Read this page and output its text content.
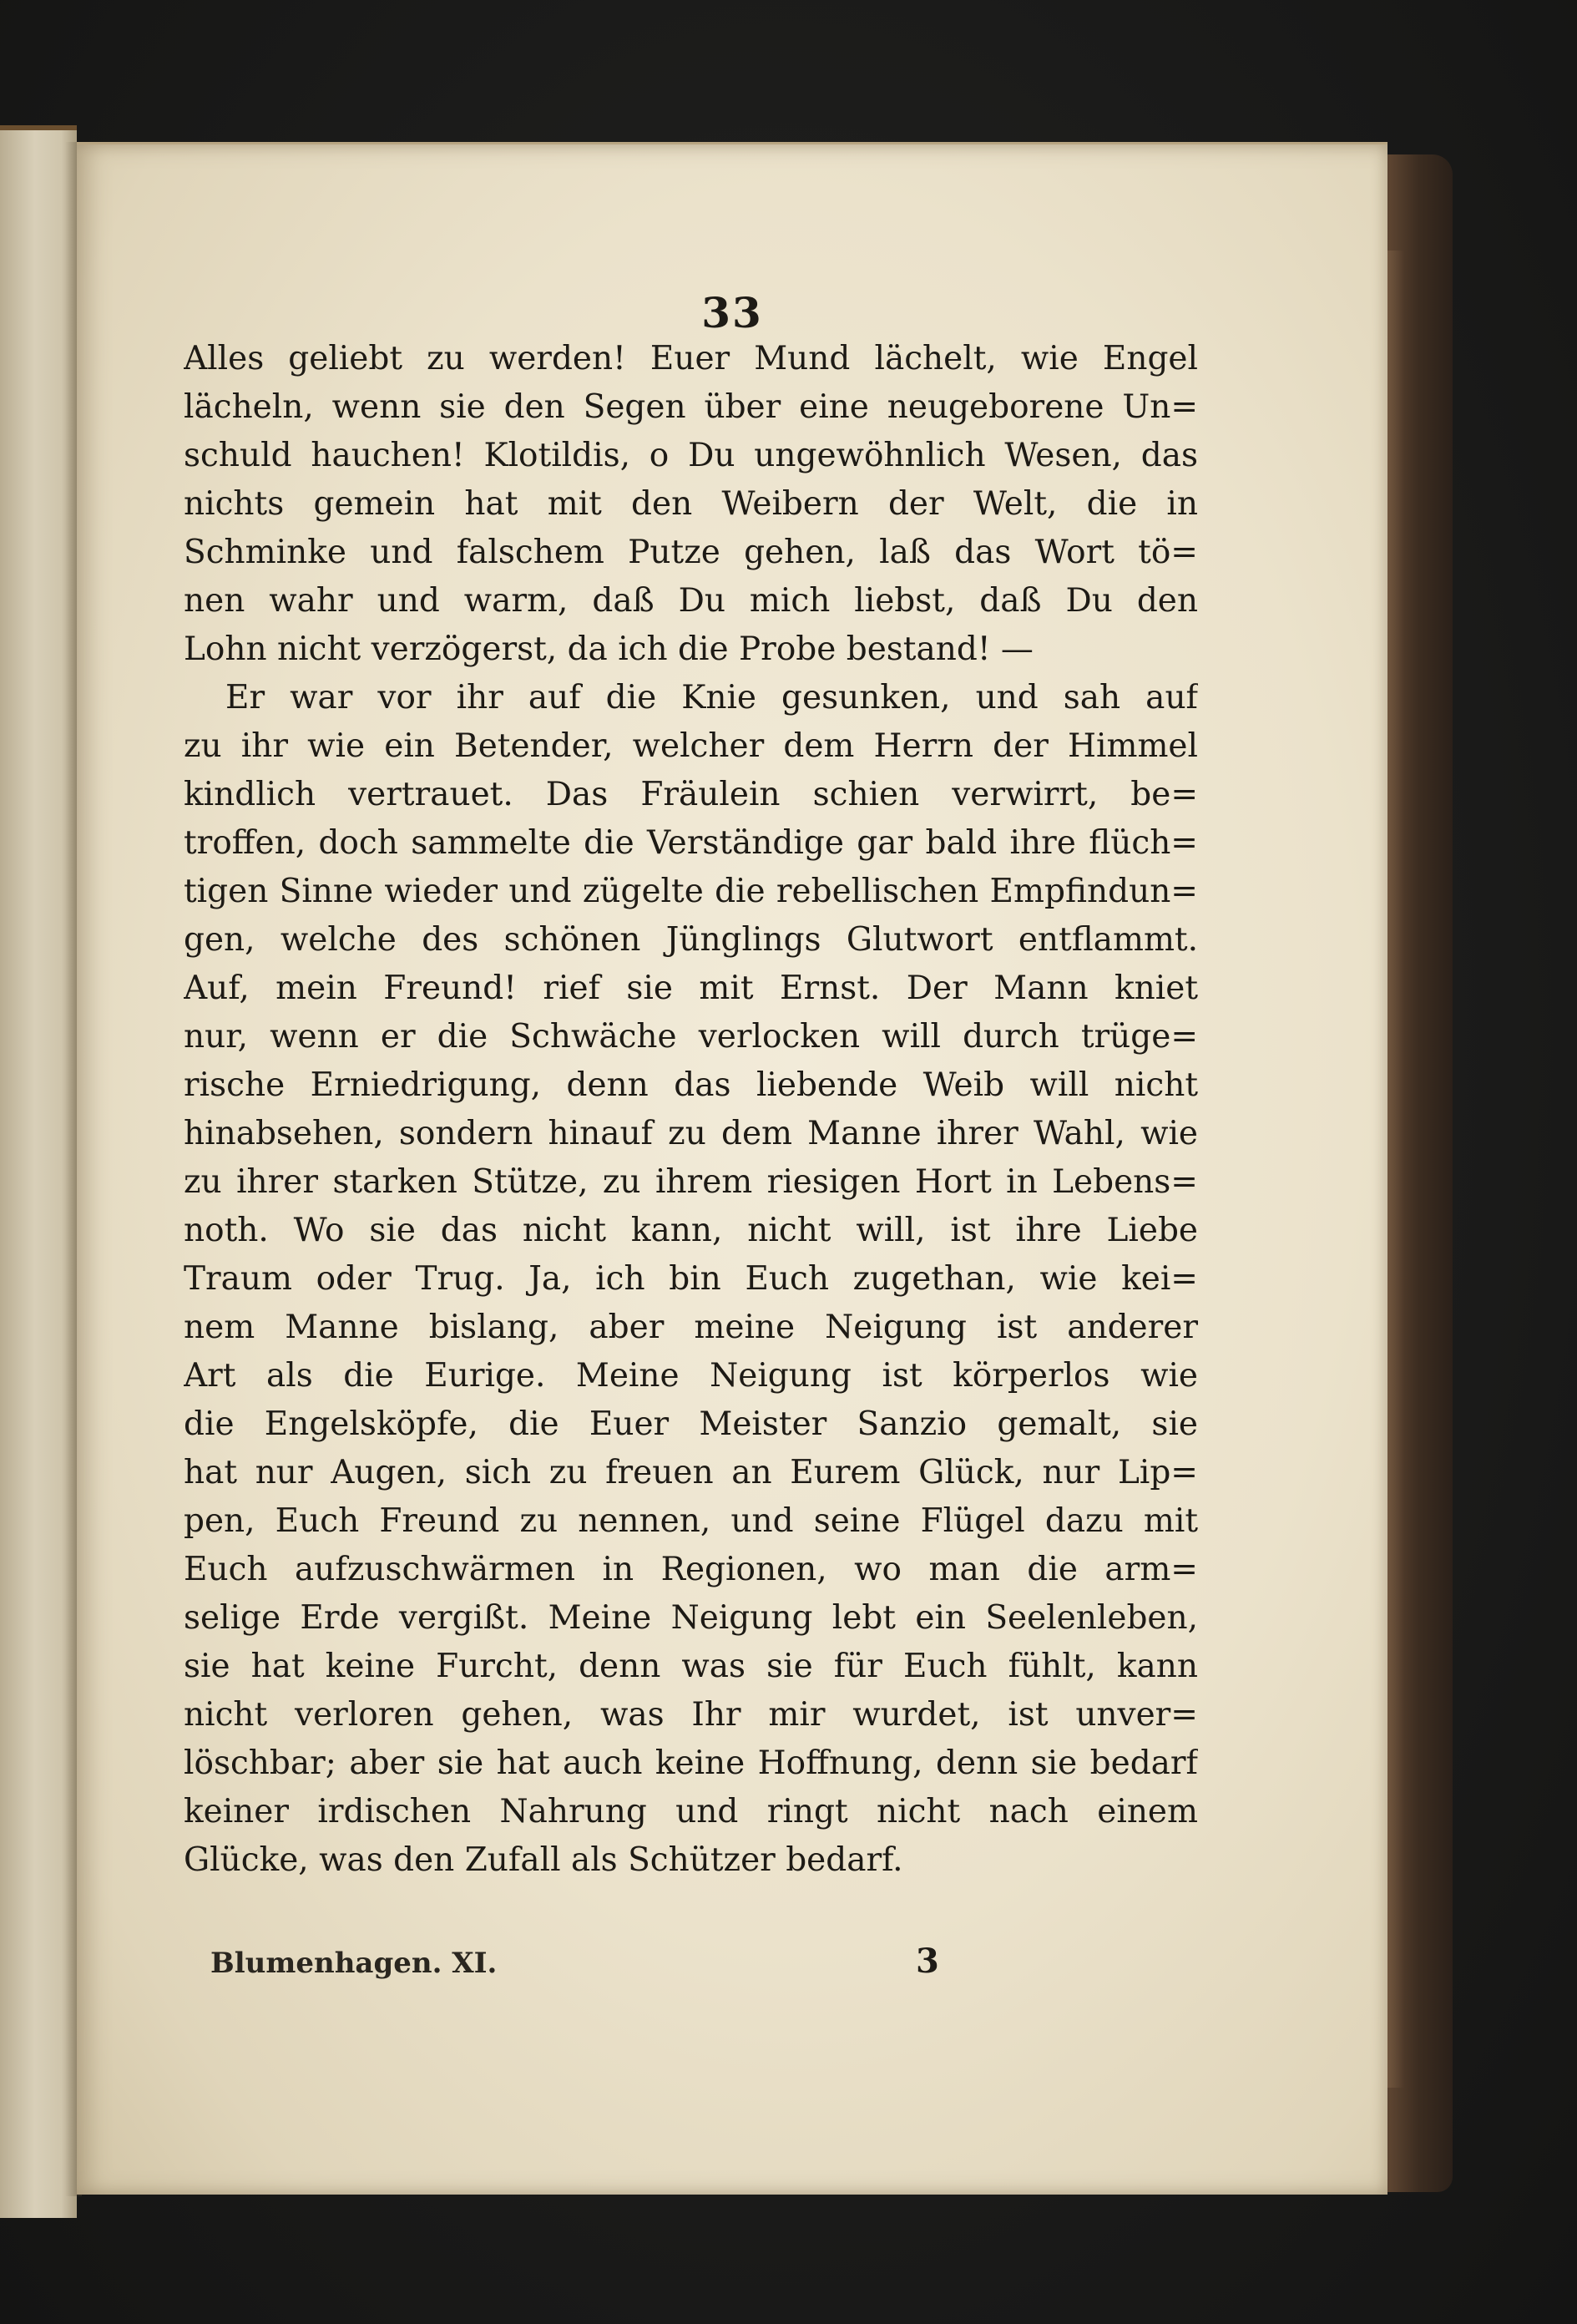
33
Alles geliebt zu werden! Euer Mund lächelt, wie Engel
lächeln, wenn sie den Segen über eine neugeborene Un=
schuld hauchen! Klotildis, o Du ungewöhnlich Wesen, das
nichts gemein hat mit den Weibern der Welt, die in
Schminke und falschem Putze gehen, laß das Wort tö=
nen wahr und warm, daß Du mich liebst, daß Du den
Lohn nicht verzögerst, da ich die Probe bestand! —
Er war vor ihr auf die Knie gesunken, und sah auf
zu ihr wie ein Betender, welcher dem Herrn der Himmel
kindlich vertrauet. Das Fräulein schien verwirrt, be=
troffen, doch sammelte die Verständige gar bald ihre flüch=
tigen Sinne wieder und zügelte die rebellischen Empfindun=
gen, welche des schönen Jünglings Glutwort entflammt.
Auf, mein Freund! rief sie mit Ernst. Der Mann kniet
nur, wenn er die Schwäche verlocken will durch trüge=
rische Erniedrigung, denn das liebende Weib will nicht
hinabsehen, sondern hinauf zu dem Manne ihrer Wahl, wie
zu ihrer starken Stütze, zu ihrem riesigen Hort in Lebens=
noth. Wo sie das nicht kann, nicht will, ist ihre Liebe
Traum oder Trug. Ja, ich bin Euch zugethan, wie kei=
nem Manne bislang, aber meine Neigung ist anderer
Art als die Eurige. Meine Neigung ist körperlos wie
die Engelsköpfe, die Euer Meister Sanzio gemalt, sie
hat nur Augen, sich zu freuen an Eurem Glück, nur Lip=
pen, Euch Freund zu nennen, und seine Flügel dazu mit
Euch aufzuschwärmen in Regionen, wo man die arm=
selige Erde vergißt. Meine Neigung lebt ein Seelenleben,
sie hat keine Furcht, denn was sie für Euch fühlt, kann
nicht verloren gehen, was Ihr mir wurdet, ist unver=
löschbar; aber sie hat auch keine Hoffnung, denn sie bedarf
keiner irdischen Nahrung und ringt nicht nach einem
Glücke, was den Zufall als Schützer bedarf.
Blumenhagen. XI.	3
